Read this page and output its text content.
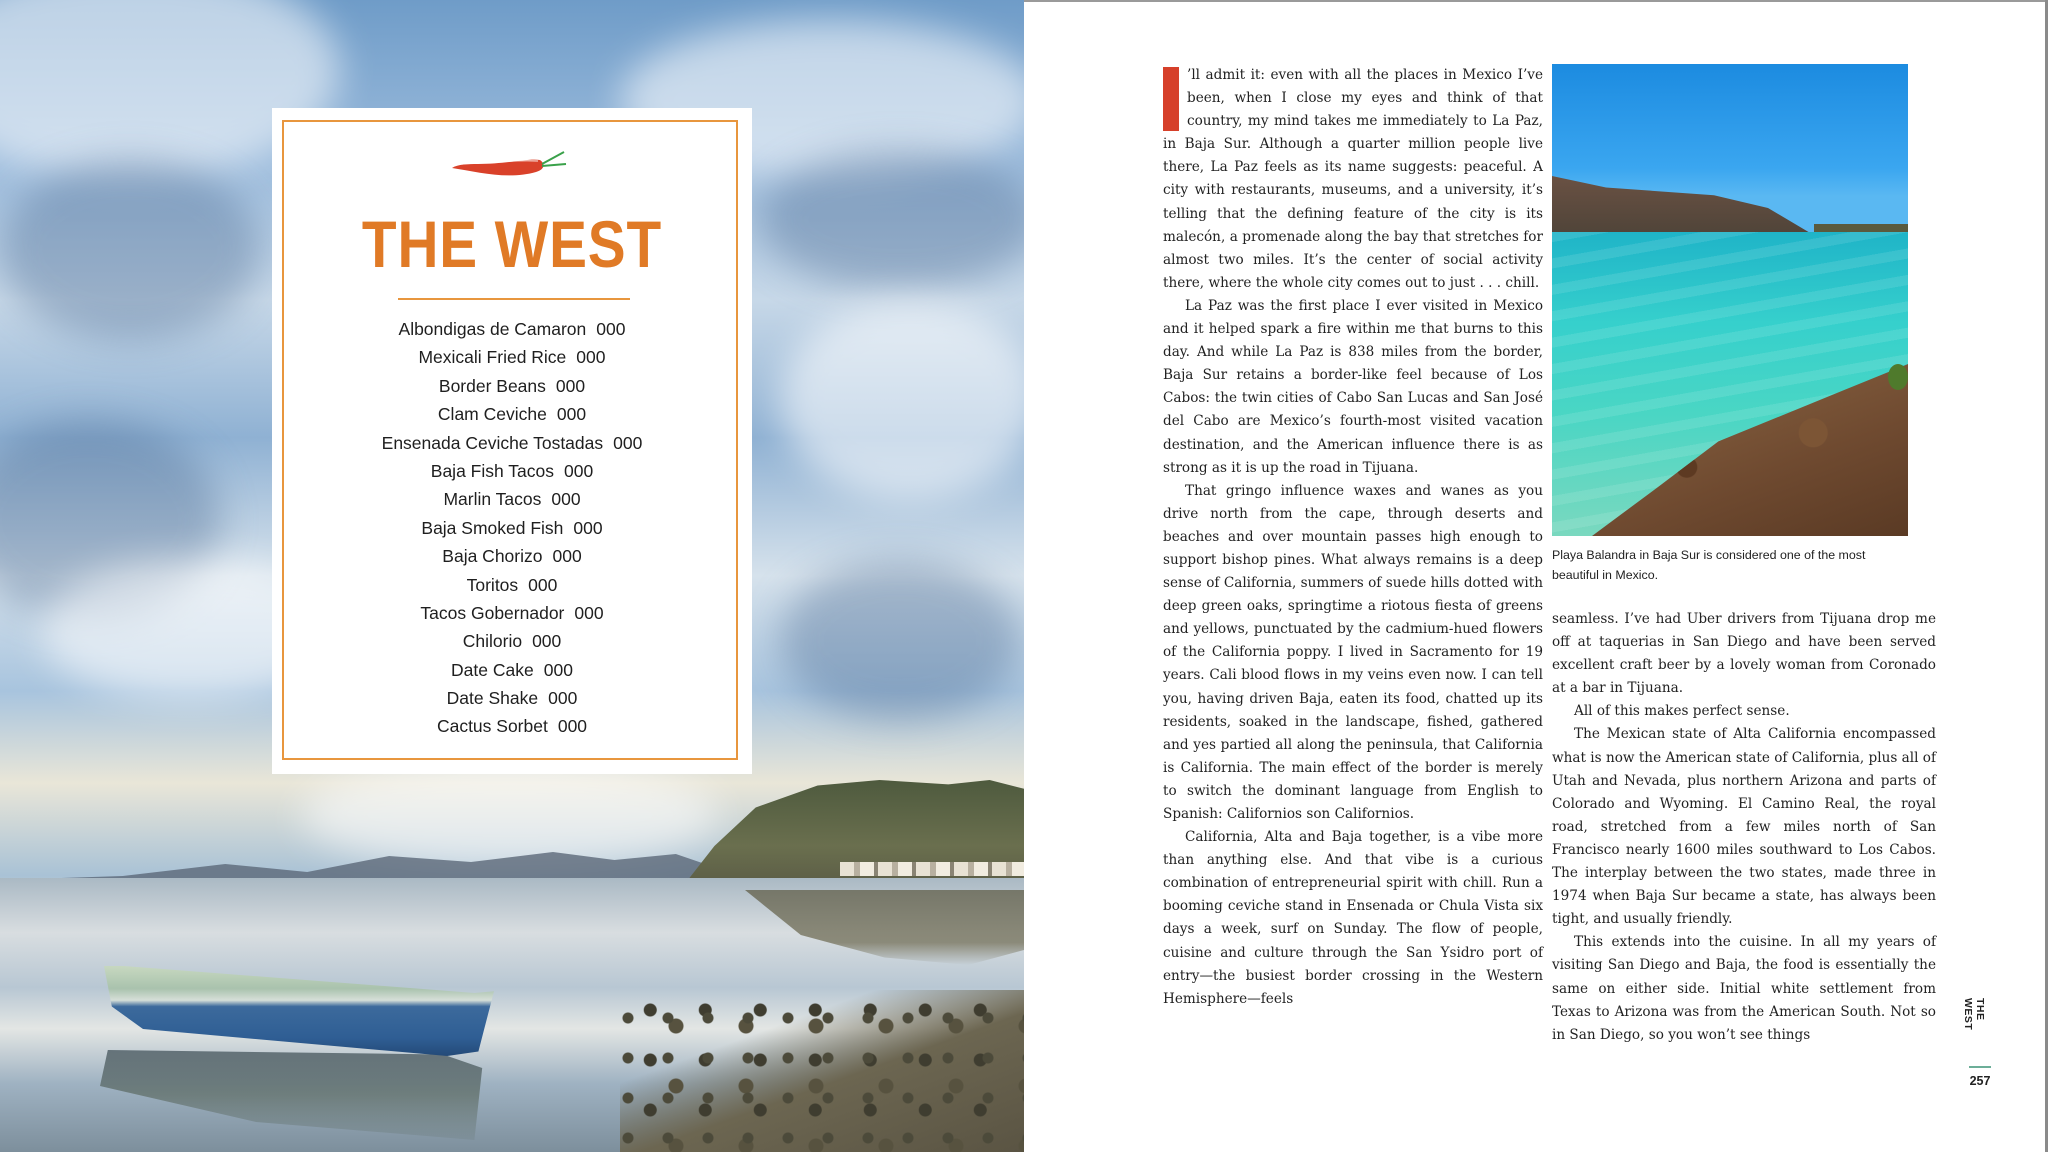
THE WEST
Albondigas de Camaron 000
Mexicali Fried Rice 000
Border Beans 000
Clam Ceviche 000
Ensenada Ceviche Tostadas 000
Baja Fish Tacos 000
Marlin Tacos 000
Baja Smoked Fish 000
Baja Chorizo 000
Toritos 000
Tacos Gobernador 000
Chilorio 000
Date Cake 000
Date Shake 000
Cactus Sorbet 000

’ll admit it: even with all the places in Mexico I’ve been, when I close my eyes and think of that country, my mind takes me immediately to La Paz, in Baja Sur. Although a quarter million people live there, La Paz feels as its name suggests: peaceful. A city with restaurants, museums, and a university, it’s telling that the defining feature of the city is its malecón, a promenade along the bay that stretches for almost two miles. It’s the center of social activity there, where the whole city comes out to just . . . chill.

La Paz was the first place I ever visited in Mexico and it helped spark a fire within me that burns to this day. And while La Paz is 838 miles from the border, Baja Sur retains a border-like feel because of Los Cabos: the twin cities of Cabo San Lucas and San José del Cabo are Mexico’s fourth-most visited vacation destination, and the American influence there is as strong as it is up the road in Tijuana.

That gringo influence waxes and wanes as you drive north from the cape, through deserts and beaches and over mountain passes high enough to support bishop pines. What always remains is a deep sense of California, summers of suede hills dotted with deep green oaks, springtime a riotous fiesta of greens and yellows, punctuated by the cadmium-hued flowers of the California poppy. I lived in Sacramento for 19 years. Cali blood flows in my veins even now. I can tell you, having driven Baja, eaten its food, chatted up its residents, soaked in the landscape, fished, gathered and yes partied all along the peninsula, that California is California. The main effect of the border is merely to switch the dominant language from English to Spanish: Californios son Californios.

California, Alta and Baja together, is a vibe more than anything else. And that vibe is a curious combination of entrepreneurial spirit with chill. Run a booming ceviche stand in Ensenada or Chula Vista six days a week, surf on Sunday. The flow of people, cuisine and culture through the San Ysidro port of entry—the busiest border crossing in the Western Hemisphere—feels

Playa Balandra in Baja Sur is considered one of the most beautiful in Mexico.

seamless. I’ve had Uber drivers from Tijuana drop me off at taquerias in San Diego and have been served excellent craft beer by a lovely woman from Coronado at a bar in Tijuana.

All of this makes perfect sense.

The Mexican state of Alta California encompassed what is now the American state of California, plus all of Utah and Nevada, plus northern Arizona and parts of Colorado and Wyoming. El Camino Real, the royal road, stretched from a few miles north of San Francisco nearly 1600 miles southward to Los Cabos. The interplay between the two states, made three in 1974 when Baja Sur became a state, has always been tight, and usually friendly.

This extends into the cuisine. In all my years of visiting San Diego and Baja, the food is essentially the same on either side. Initial white settlement from Texas to Arizona was from the American South. Not so in San Diego, so you won’t see things

THE WEST
257
